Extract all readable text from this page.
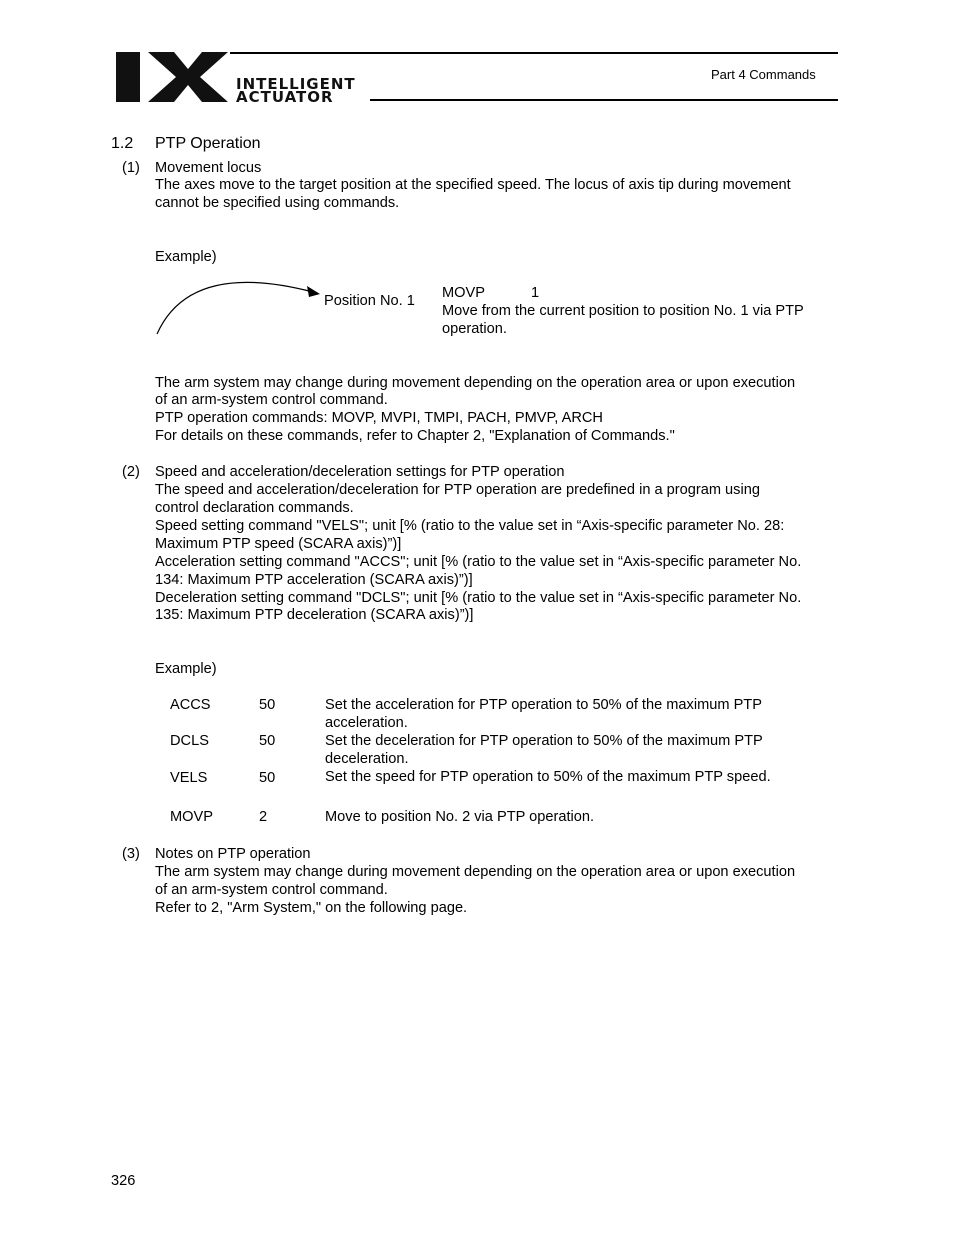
INTELLIGENT
ACTUATOR
Part 4 Commands
1.2 PTP Operation
(1) Movement locus
The axes move to the target position at the specified speed. The locus of axis tip during movement
cannot be specified using commands.
Example)
Position No. 1 MOVP	1
Move from the current position to position No. 1 via PTP
operation.
The arm system may change during movement depending on the operation area or upon execution
of an arm-system control command.
PTP operation commands: MOVP, MVPI, TMPI, PACH, PMVP, ARCH
For details on these commands, refer to Chapter 2, "Explanation of Commands."
(2) Speed and acceleration/deceleration settings for PTP operation
The speed and acceleration/deceleration for PTP operation are predefined in a program using
control declaration commands.
Speed setting command "VELS"; unit [% (ratio to the value set in “Axis-specific parameter No. 28:
Maximum PTP speed (SCARA axis)”)]
Acceleration setting command "ACCS"; unit [% (ratio to the value set in “Axis-specific parameter No.
134: Maximum PTP acceleration (SCARA axis)”)]
Deceleration setting command "DCLS"; unit [% (ratio to the value set in “Axis-specific parameter No.
135: Maximum PTP deceleration (SCARA axis)”)]
Example)
ACCS	50	Set the acceleration for PTP operation to 50% of the maximum PTP
acceleration.
DCLS	50	Set the deceleration for PTP operation to 50% of the maximum PTP
deceleration.
VELS	50	Set the speed for PTP operation to 50% of the maximum PTP speed.
MOVP	2	Move to position No. 2 via PTP operation.
(3) Notes on PTP operation
The arm system may change during movement depending on the operation area or upon execution
of an arm-system control command.
Refer to 2, "Arm System," on the following page.
326
